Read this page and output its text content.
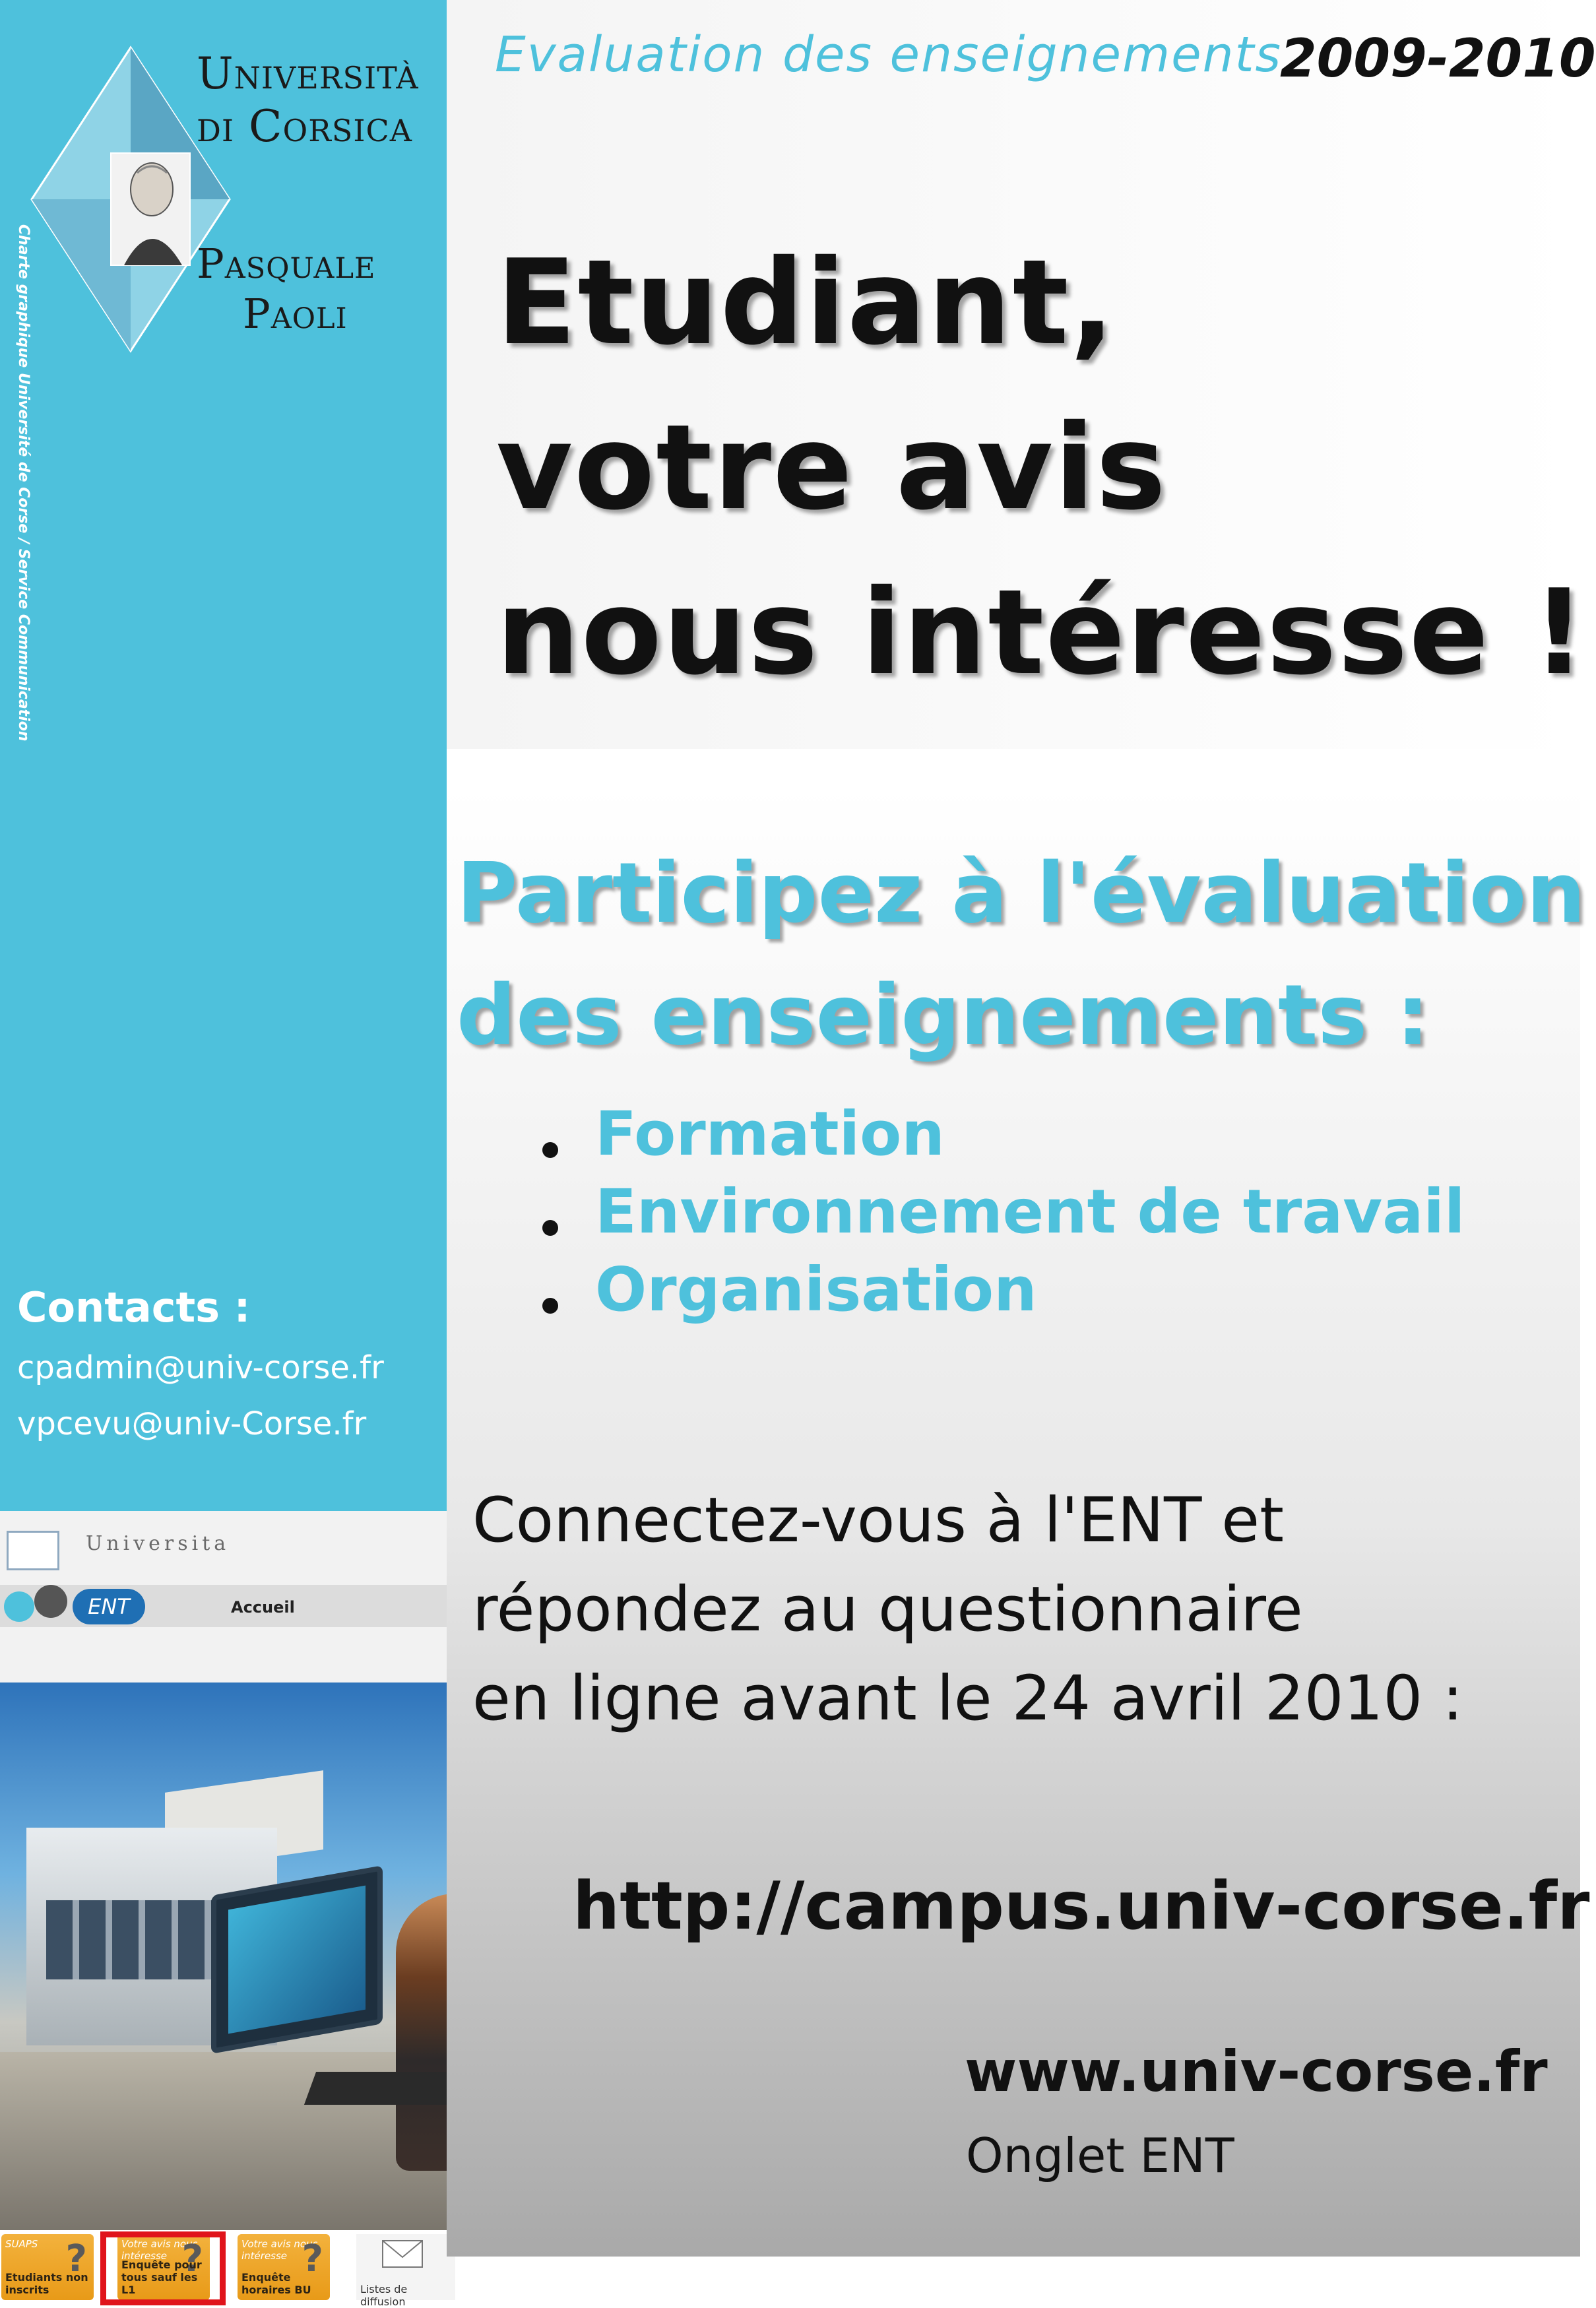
Università
di Corsica
Pasquale
Paoli
Charte graphique Université de Corse / Service Communication
Contacts :
cpadmin@univ-corse.fr
vpcevu@univ-Corse.fr
Universita
ENT	Accueil
SUAPS ?
Etudiants non inscrits
Votre avis nous intéresse ?
Enquête pour tous sauf les L1
Votre avis nous intéresse ?
Enquête horaires BU	Listes de diffusion
Evaluation des enseignements
2009-2010
Etudiant,
votre avis
nous intéresse !
Participez à l'évaluation
des enseignements :
Formation
Environnement de travail
Organisation
Connectez-vous à l'ENT et
répondez au questionnaire
en ligne avant le 24 avril 2010 :
http://campus.univ-corse.fr
www.univ-corse.fr
Onglet ENT
